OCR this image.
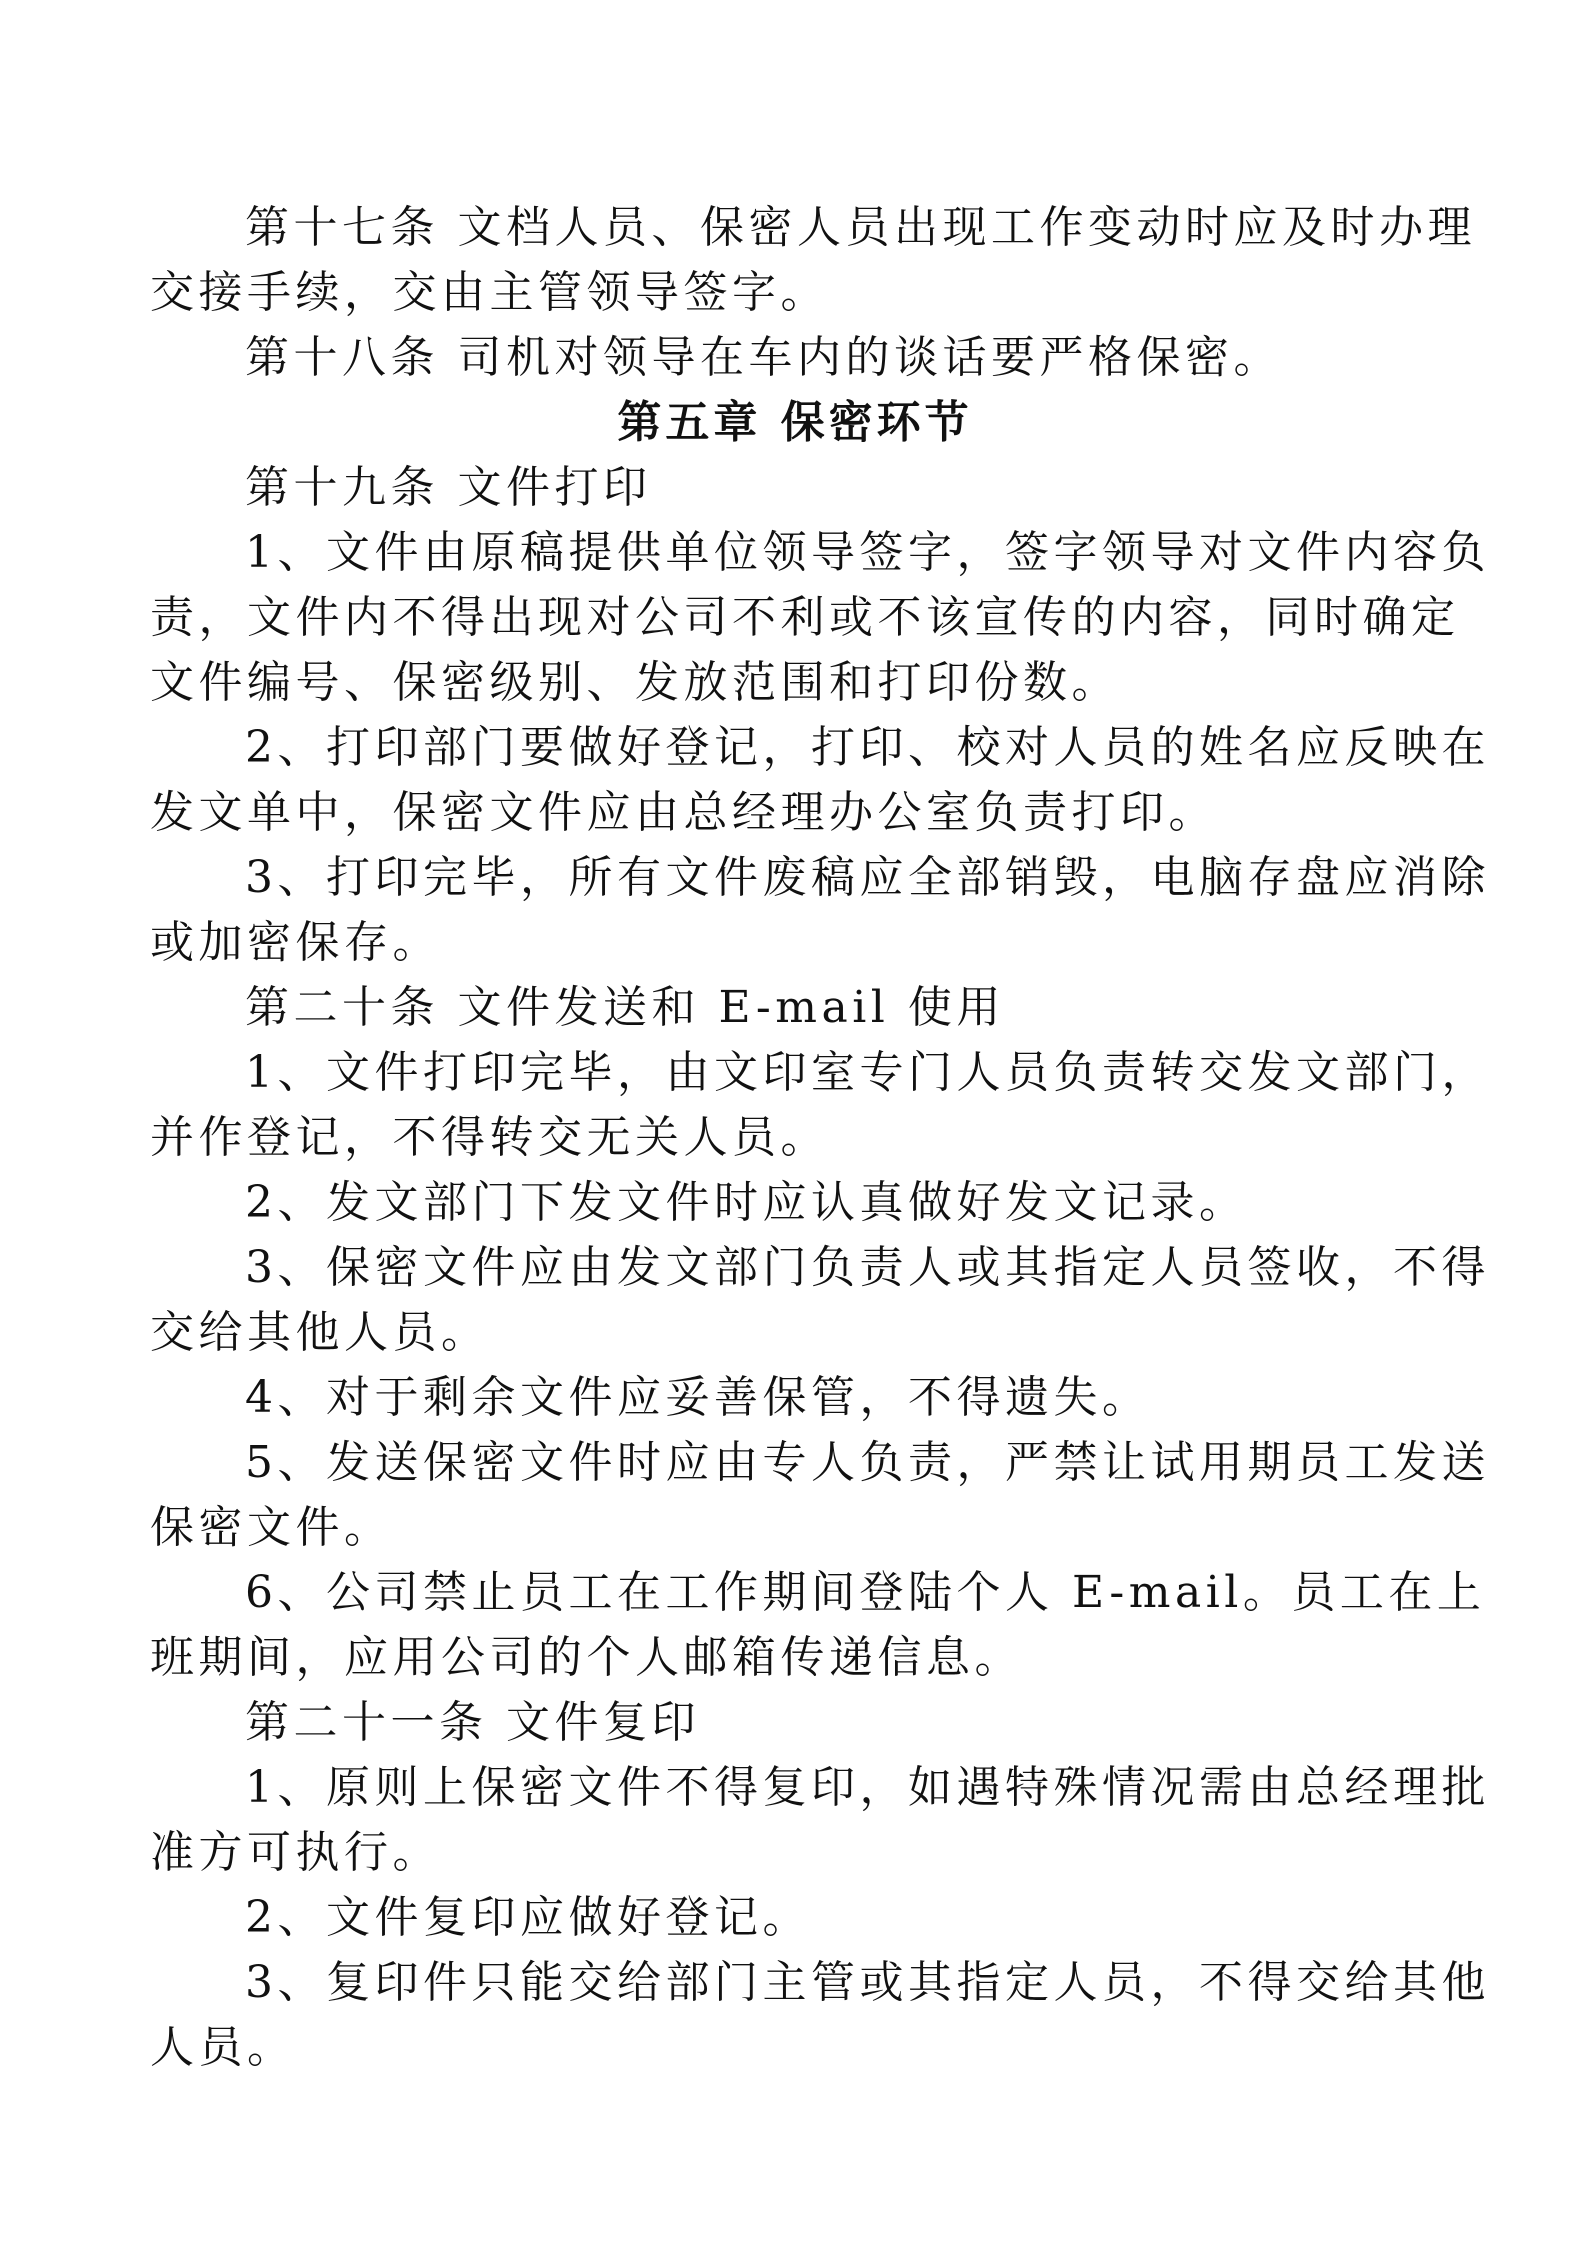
第十七条 文档人员、保密人员出现工作变动时应及时办理
交接手续，交由主管领导签字。
第十八条 司机对领导在车内的谈话要严格保密。
第五章 保密环节
第十九条 文件打印
1、文件由原稿提供单位领导签字，签字领导对文件内容负
责，文件内不得出现对公司不利或不该宣传的内容，同时确定
文件编号、保密级别、发放范围和打印份数。
2、打印部门要做好登记，打印、校对人员的姓名应反映在
发文单中，保密文件应由总经理办公室负责打印。
3、打印完毕，所有文件废稿应全部销毁，电脑存盘应消除
或加密保存。
第二十条 文件发送和 E-mail 使用
1、文件打印完毕，由文印室专门人员负责转交发文部门，
并作登记，不得转交无关人员。
2、发文部门下发文件时应认真做好发文记录。
3、保密文件应由发文部门负责人或其指定人员签收，不得
交给其他人员。
4、对于剩余文件应妥善保管，不得遗失。
5、发送保密文件时应由专人负责，严禁让试用期员工发送
保密文件。
6、公司禁止员工在工作期间登陆个人 E-mail。员工在上
班期间，应用公司的个人邮箱传递信息。
第二十一条 文件复印
1、原则上保密文件不得复印，如遇特殊情况需由总经理批
准方可执行。
2、文件复印应做好登记。
3、复印件只能交给部门主管或其指定人员，不得交给其他
人员。
